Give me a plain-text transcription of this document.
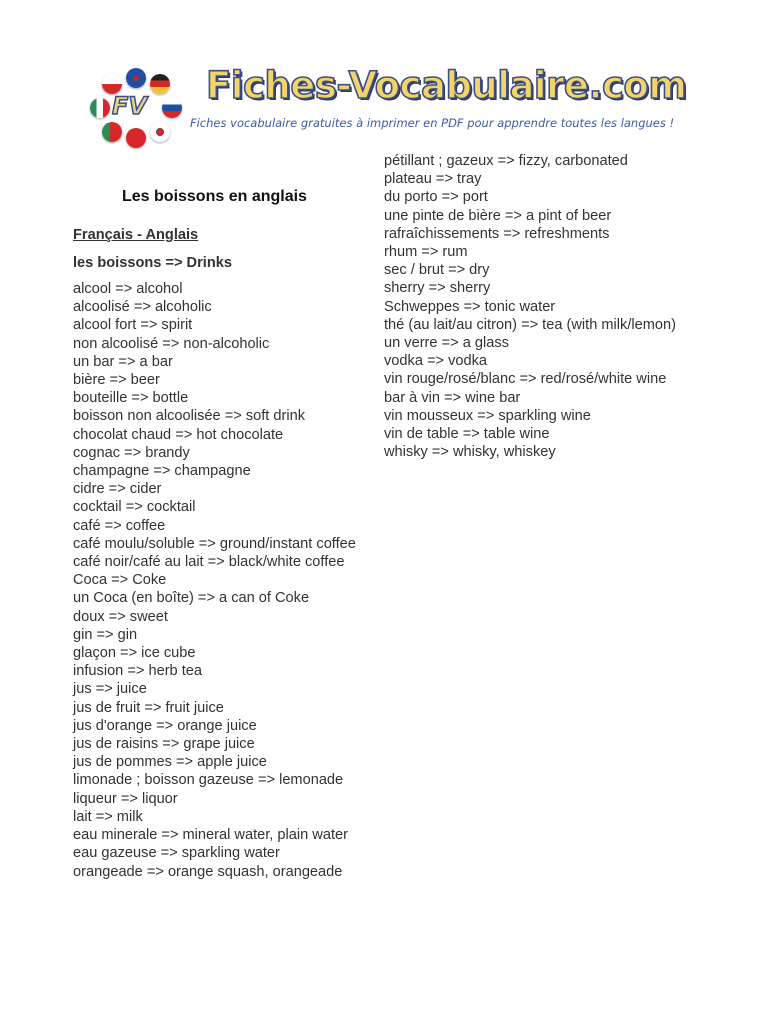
FV Fiches-Vocabulaire.com
Fiches vocabulaire gratuites à imprimer en PDF pour apprendre toutes les langues !
Les boissons en anglais
Français - Anglais
les boissons => Drinks

alcool => alcohol

alcoolisé => alcoholic

alcool fort => spirit

non alcoolisé => non-alcoholic

un bar => a bar

bière => beer

bouteille => bottle

boisson non alcoolisée => soft drink

chocolat chaud => hot chocolate

cognac => brandy

champagne => champagne

cidre => cider

cocktail => cocktail

café => coffee

café moulu/soluble => ground/instant coffee

café noir/café au lait => black/white coffee

Coca => Coke

un Coca (en boîte) => a can of Coke

doux => sweet

gin => gin

glaçon => ice cube

infusion => herb tea

jus => juice

jus de fruit => fruit juice

jus d'orange => orange juice

jus de raisins => grape juice

jus de pommes => apple juice

limonade ; boisson gazeuse => lemonade

liqueur => liquor

lait => milk

eau minerale => mineral water, plain water

eau gazeuse => sparkling water

orangeade => orange squash, orangeade

pétillant ; gazeux => fizzy, carbonated

plateau => tray

du porto => port

une pinte de bière => a pint of beer

rafraîchissements => refreshments

rhum => rum

sec / brut => dry

sherry => sherry

Schweppes => tonic water

thé (au lait/au citron) => tea (with milk/lemon)

un verre => a glass

vodka => vodka

vin rouge/rosé/blanc => red/rosé/white wine

bar à vin => wine bar

vin mousseux => sparkling wine

vin de table => table wine

whisky => whisky, whiskey
